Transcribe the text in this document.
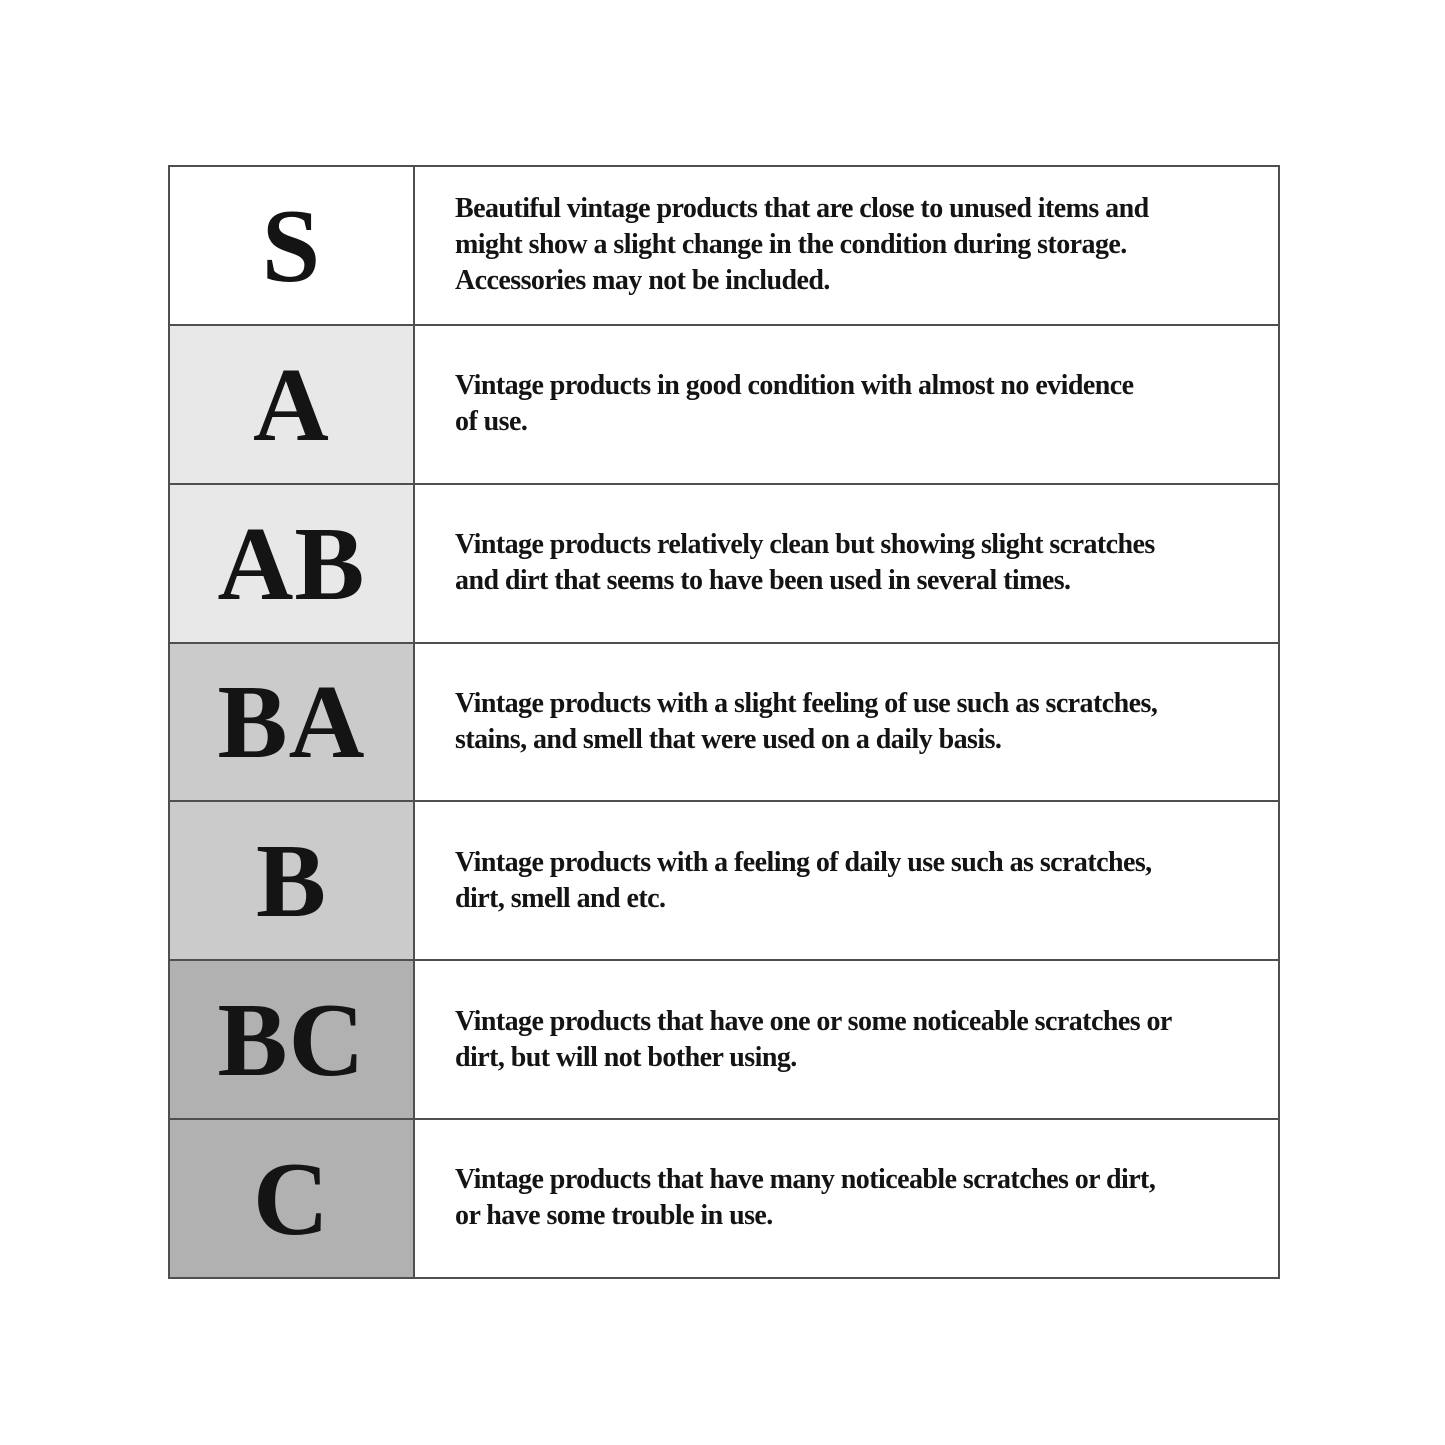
S	Beautiful vintage products that are close to unused items and
might show a slight change in the condition during storage.
Accessories may not be included.

A	Vintage products in good condition with almost no evidence
of use.

AB	Vintage products relatively clean but showing slight scratches
and dirt that seems to have been used in several times.

BA	Vintage products with a slight feeling of use such as scratches,
stains, and smell that were used on a daily basis.

B	Vintage products with a feeling of daily use such as scratches,
dirt, smell and etc.

BC	Vintage products that have one or some noticeable scratches or
dirt, but will not bother using.

C	Vintage products that have many noticeable scratches or dirt,
or have some trouble in use.
